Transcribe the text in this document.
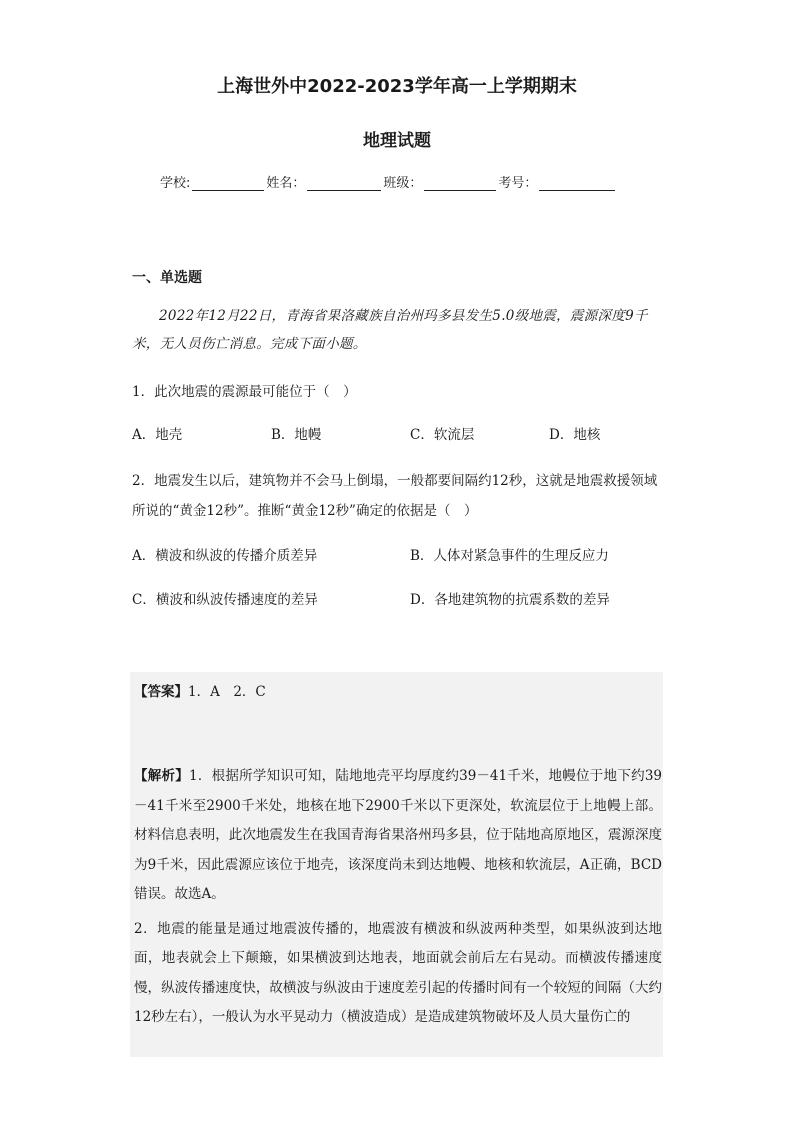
上海世外中2022-2023学年高一上学期期末
地理试题
学校:	姓名：	班级：	考号：
一、单选题
2022年12月22日，青海省果洛藏族自治州玛多县发生5.0级地震，震源深度9千米，无人员伤亡消息。完成下面小题。
1．此次地震的震源最可能位于（　）
A．地壳	B．地幔	C．软流层	D．地核
2．地震发生以后，建筑物并不会马上倒塌，一般都要间隔约12秒，这就是地震救援领域所说的“黄金12秒”。推断“黄金12秒”确定的依据是（　）
A．横波和纵波的传播介质差异	B．人体对紧急事件的生理反应力
C．横波和纵波传播速度的差异	D．各地建筑物的抗震系数的差异
【答案】1．A　2．C

【解析】1．根据所学知识可知，陆地地壳平均厚度约39－41千米，地幔位于地下约39－41千米至2900千米处，地核在地下2900千米以下更深处，软流层位于上地幔上部。材料信息表明，此次地震发生在我国青海省果洛州玛多县，位于陆地高原地区，震源深度为9千米，因此震源应该位于地壳，该深度尚未到达地幔、地核和软流层，A正确，BCD错误。故选A。

2．地震的能量是通过地震波传播的，地震波有横波和纵波两种类型，如果纵波到达地面，地表就会上下颠簸，如果横波到达地表，地面就会前后左右晃动。而横波传播速度慢，纵波传播速度快，故横波与纵波由于速度差引起的传播时间有一个较短的间隔（大约12秒左右），一般认为水平晃动力（横波造成）是造成建筑物破坏及人员大量伤亡的
